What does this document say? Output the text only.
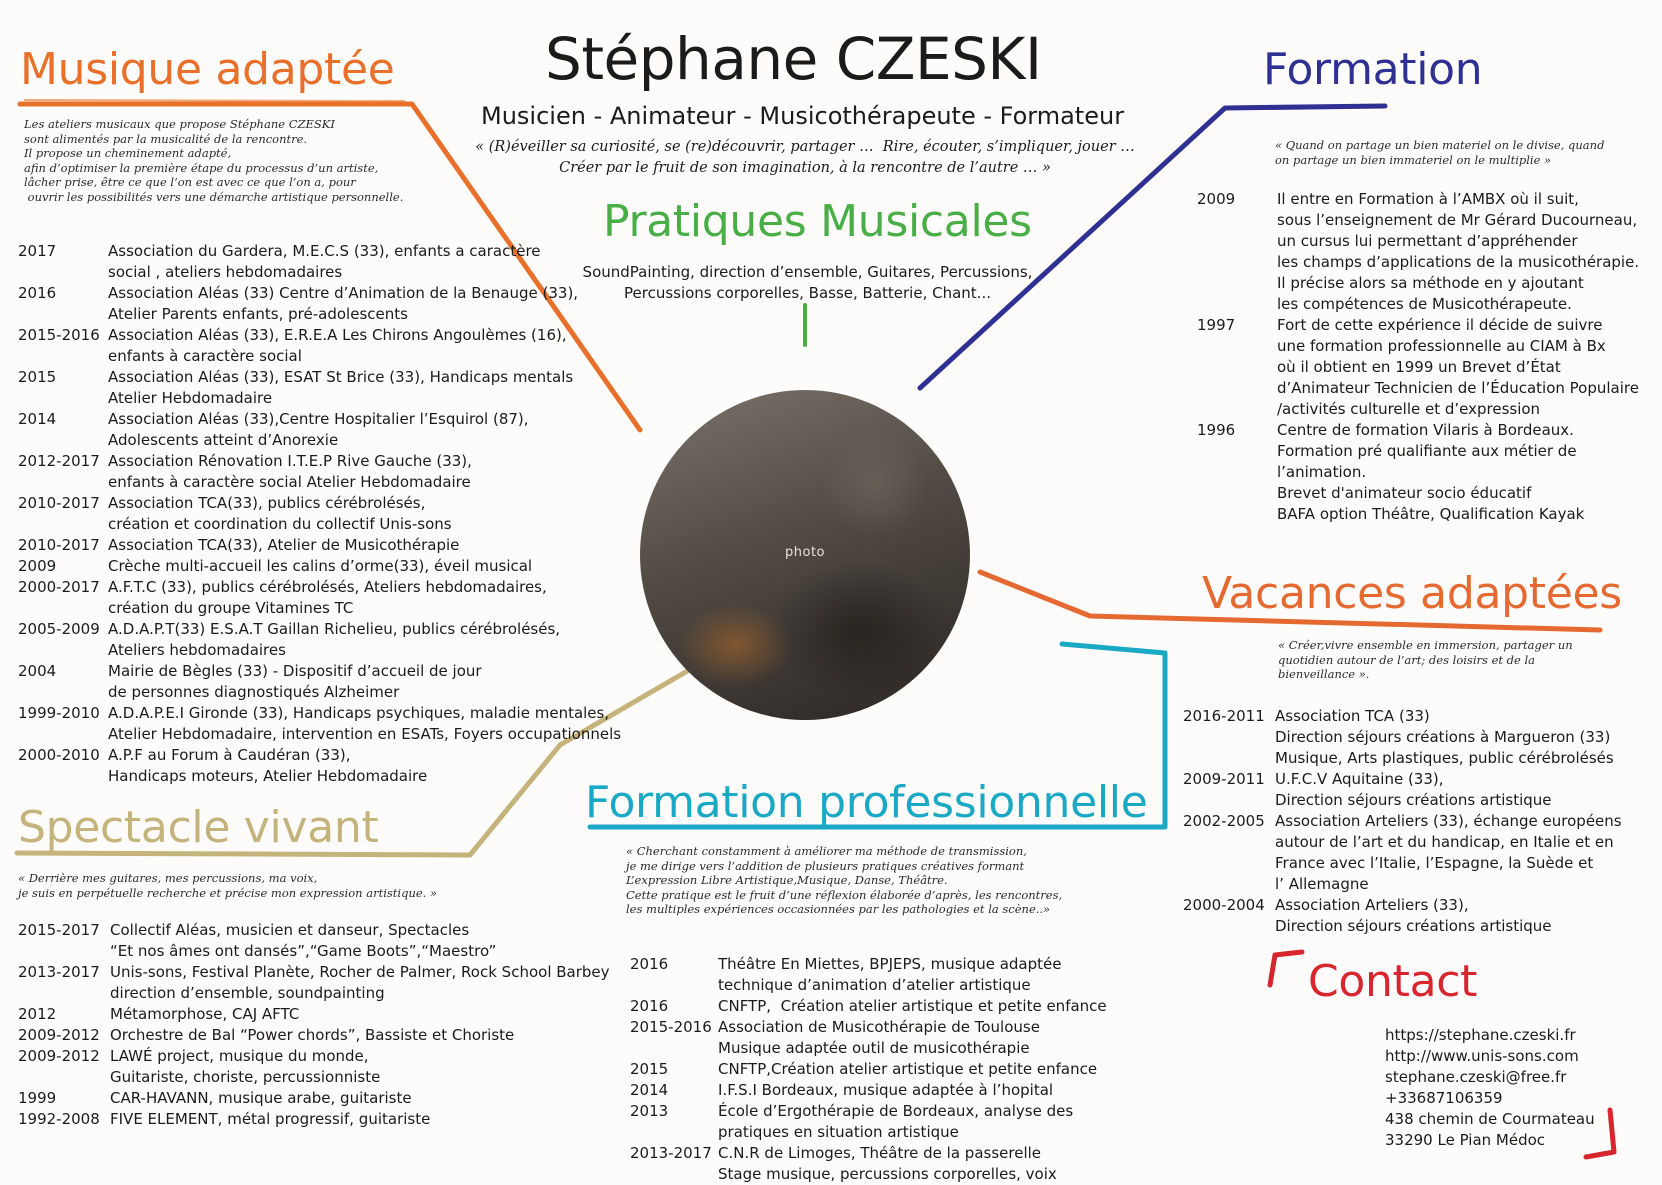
Stéphane CZESKI
Musicien - Animateur - Musicothérapeute - Formateur
« (R)éveiller sa curiosité, se (re)découvrir, partager …  Rire, écouter, s’impliquer, jouer …
Créer par le fruit de son imagination, à la rencontre de l’autre … »
Musique adaptée
Les ateliers musicaux que propose Stéphane CZESKI
sont alimentés par la musicalité de la rencontre.
Il propose un cheminement adapté,
afin d’optimiser la première étape du processus d’un artiste,
lâcher prise, être ce que l’on est avec ce que l’on a, pour
ouvrir les possibilités vers une démarche artistique personnelle.
2017	Association du Gardera, M.E.C.S (33), enfants a caractère
social , ateliers hebdomadaires
2016	Association Aléas (33) Centre d’Animation de la Benauge (33),
Atelier Parents enfants, pré-adolescents
2015-2016 Association Aléas (33), E.R.E.A Les Chirons Angoulèmes (16),
enfants à caractère social
2015	Association Aléas (33), ESAT St Brice (33), Handicaps mentals
Atelier Hebdomadaire
2014	Association Aléas (33),Centre Hospitalier l’Esquirol (87),
Adolescents atteint d’Anorexie
2012-2017 Association Rénovation I.T.E.P Rive Gauche (33),
enfants à caractère social Atelier Hebdomadaire
2010-2017 Association TCA(33), publics cérébrolésés,
création et coordination du collectif Unis-sons
2010-2017 Association TCA(33), Atelier de Musicothérapie
2009	Crèche multi-accueil les calins d’orme(33), éveil musical
2000-2017 A.F.T.C (33), publics cérébrolésés, Ateliers hebdomadaires,
création du groupe Vitamines TC
2005-2009 A.D.A.P.T(33) E.S.A.T Gaillan Richelieu, publics cérébrolésés,
Ateliers hebdomadaires
2004	Mairie de Bègles (33) - Dispositif d’accueil de jour
de personnes diagnostiqués Alzheimer
1999-2010 A.D.A.P.E.I Gironde (33), Handicaps psychiques, maladie mentales,
Atelier Hebdomadaire, intervention en ESATs, Foyers occupationnels
2000-2010 A.P.F au Forum à Caudéran (33),
Handicaps moteurs, Atelier Hebdomadaire
Spectacle vivant
« Derrière mes guitares, mes percussions, ma voix,
je suis en perpétuelle recherche et précise mon expression artistique. »
2015-2017 Collectif Aléas, musicien et danseur, Spectacles
“Et nos âmes ont dansés”,“Game Boots”,“Maestro”
2013-2017 Unis-sons, Festival Planète, Rocher de Palmer, Rock School Barbey
direction d’ensemble, soundpainting
2012	Métamorphose, CAJ AFTC
2009-2012 Orchestre de Bal “Power chords”, Bassiste et Choriste
2009-2012 LAWÉ project, musique du monde,
Guitariste, choriste, percussionniste
1999	CAR-HAVANN, musique arabe, guitariste
1992-2008 FIVE ELEMENT, métal progressif, guitariste
Pratiques Musicales
SoundPainting, direction d’ensemble, Guitares, Percussions,
Percussions corporelles, Basse, Batterie, Chant...
photo
Formation
« Quand on partage un bien materiel on le divise, quand
on partage un bien immateriel on le multiplie »
2009	Il entre en Formation à l’AMBX où il suit,
sous l’enseignement de Mr Gérard Ducourneau,
un cursus lui permettant d’appréhender
les champs d’applications de la musicothérapie.
Il précise alors sa méthode en y ajoutant
les compétences de Musicothérapeute.
1997	Fort de cette expérience il décide de suivre
une formation professionnelle au CIAM à Bx
où il obtient en 1999 un Brevet d’État
d’Animateur Technicien de l’Éducation Populaire
/activités culturelle et d’expression
1996	Centre de formation Vilaris à Bordeaux.
Formation pré qualifiante aux métier de
l’animation.
Brevet d'animateur socio éducatif
BAFA option Théâtre, Qualification Kayak
Vacances adaptées
« Créer,vivre ensemble en immersion, partager un
quotidien autour de l’art; des loisirs et de la
bienveillance ».
2016-2011 Association TCA (33)
Direction séjours créations à Margueron (33)
Musique, Arts plastiques, public cérébrolésés
2009-2011 U.F.C.V Aquitaine (33),
Direction séjours créations artistique
2002-2005 Association Arteliers (33), échange européens
autour de l’art et du handicap, en Italie et en
France avec l’Italie, l’Espagne, la Suède et
l’ Allemagne
2000-2004 Association Arteliers (33),
Direction séjours créations artistique
Formation professionnelle
« Cherchant constamment à améliorer ma méthode de transmission,
je me dirige vers l’addition de plusieurs pratiques créatives formant
L’expression Libre Artistique,Musique, Danse, Théâtre.
Cette pratique est le fruit d’une réflexion élaborée d’après, les rencontres,
les multiples expériences occasionnées par les pathologies et la scène..»
2016	Théâtre En Miettes, BPJEPS, musique adaptée
technique d’animation d’atelier artistique
2016	CNFTP,  Création atelier artistique et petite enfance
2015-2016 Association de Musicothérapie de Toulouse
Musique adaptée outil de musicothérapie
2015	CNFTP,Création atelier artistique et petite enfance
2014	I.F.S.I Bordeaux, musique adaptée à l’hopital
2013	École d’Ergothérapie de Bordeaux, analyse des
pratiques en situation artistique
2013-2017 C.N.R de Limoges, Théâtre de la passerelle
Stage musique, percussions corporelles, voix
Contact
https://stephane.czeski.fr
http://www.unis-sons.com
stephane.czeski@free.fr
+33687106359
438 chemin de Courmateau
33290 Le Pian Médoc
